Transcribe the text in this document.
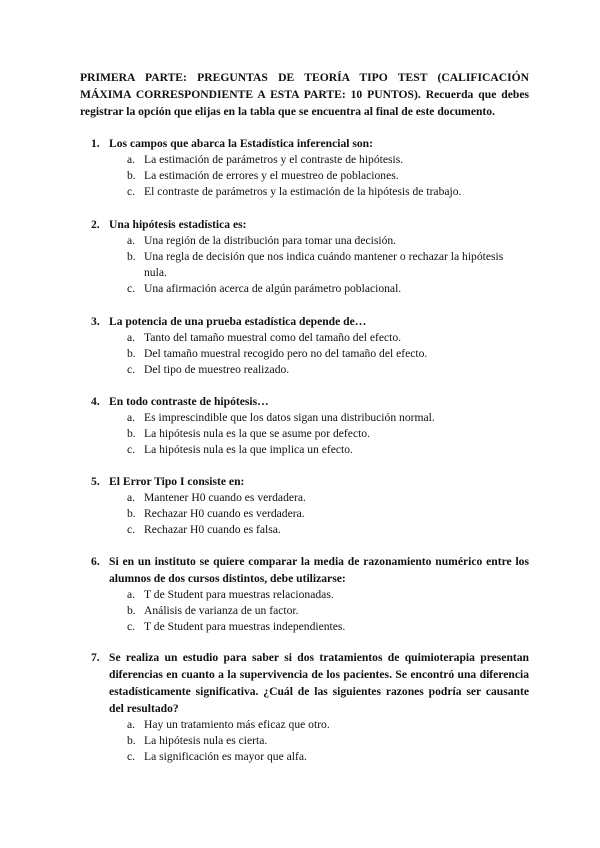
PRIMERA PARTE: PREGUNTAS DE TEORÍA TIPO TEST (CALIFICACIÓN MÁXIMA CORRESPONDIENTE A ESTA PARTE: 10 PUNTOS). Recuerda que debes registrar la opción que elijas en la tabla que se encuentra al final de este documento.

1. Los campos que abarca la Estadística inferencial son:
a. La estimación de parámetros y el contraste de hipótesis.
b. La estimación de errores y el muestreo de poblaciones.
c. El contraste de parámetros y la estimación de la hipótesis de trabajo.
2. Una hipótesis estadística es:
a. Una región de la distribución para tomar una decisión.
b. Una regla de decisión que nos indica cuándo mantener o rechazar la hipótesis nula.
c. Una afirmación acerca de algún parámetro poblacional.
3. La potencia de una prueba estadística depende de…
a. Tanto del tamaño muestral como del tamaño del efecto.
b. Del tamaño muestral recogido pero no del tamaño del efecto.
c. Del tipo de muestreo realizado.
4. En todo contraste de hipótesis…
a. Es imprescindible que los datos sigan una distribución normal.
b. La hipótesis nula es la que se asume por defecto.
c. La hipótesis nula es la que implica un efecto.
5. El Error Tipo I consiste en:
a. Mantener H0 cuando es verdadera.
b. Rechazar H0 cuando es verdadera.
c. Rechazar H0 cuando es falsa.
6. Si en un instituto se quiere comparar la media de razonamiento numérico entre los alumnos de dos cursos distintos, debe utilizarse:
a. T de Student para muestras relacionadas.
b. Análisis de varianza de un factor.
c. T de Student para muestras independientes.
7. Se realiza un estudio para saber si dos tratamientos de quimioterapia presentan diferencias en cuanto a la supervivencia de los pacientes. Se encontró una diferencia estadísticamente significativa. ¿Cuál de las siguientes razones podría ser causante del resultado?
a. Hay un tratamiento más eficaz que otro.
b. La hipótesis nula es cierta.
c. La significación es mayor que alfa.
